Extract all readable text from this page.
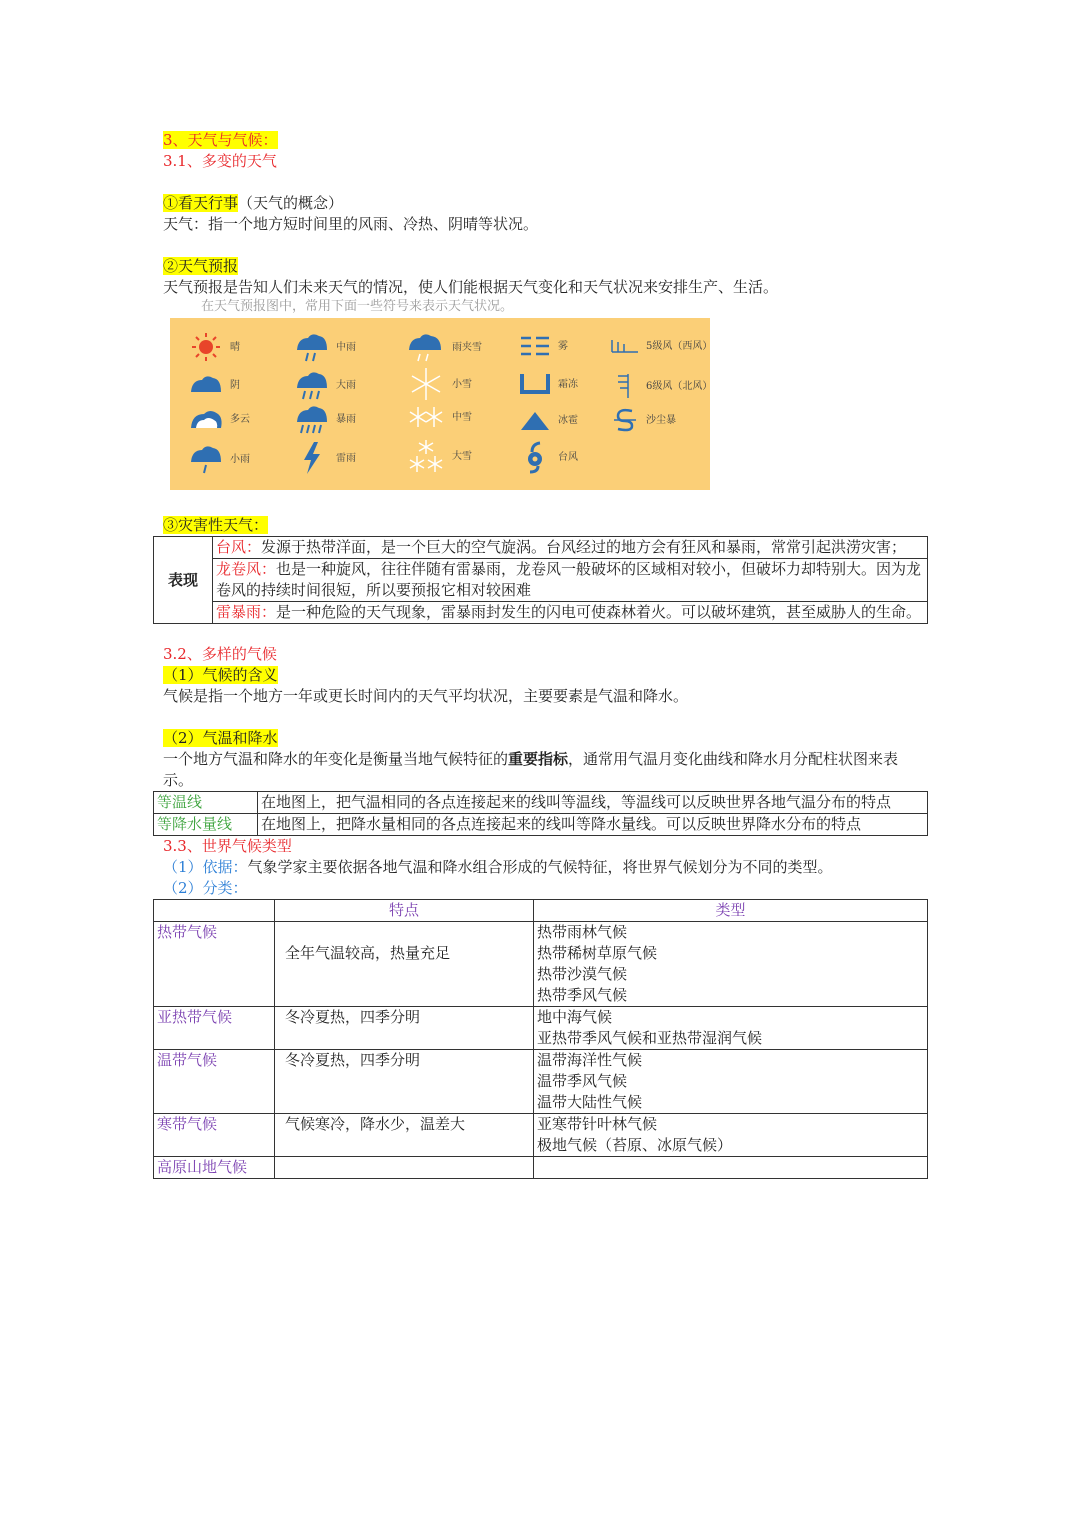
3、天气与气候：
3.1、多变的天气
①看天行事（天气的概念）
天气：指一个地方短时间里的风雨、冷热、阴晴等状况。
②天气预报
天气预报是告知人们未来天气的情况，使人们能根据天气变化和天气状况来安排生产、生活。
在天气预报图中，常用下面一些符号来表示天气状况。
晴
阴
多云
小雨
中雨
大雨
暴雨
雷雨
雨夹雪
小雪
中雪
大雪
雾
霜冻
冰雹
台风
5级风（西风）
6级风（北风）
沙尘暴
③灾害性天气：
表现	台风：发源于热带洋面，是一个巨大的空气旋涡。台风经过的地方会有狂风和暴雨，常常引起洪涝灾害；
龙卷风：也是一种旋风，往往伴随有雷暴雨，龙卷风一般破坏的区域相对较小，但破坏力却特别大。因为龙卷风的持续时间很短，所以要预报它相对较困难
雷暴雨：是一种危险的天气现象，雷暴雨封发生的闪电可使森林着火。可以破坏建筑，甚至威胁人的生命。
3.2、多样的气候
（1）气候的含义
气候是指一个地方一年或更长时间内的天气平均状况，主要要素是气温和降水。
（2）气温和降水
一个地方气温和降水的年变化是衡量当地气候特征的重要指标，通常用气温月变化曲线和降水月分配柱状图来表示。
等温线	在地图上，把气温相同的各点连接起来的线叫等温线，等温线可以反映世界各地气温分布的特点
等降水量线	在地图上，把降水量相同的各点连接起来的线叫等降水量线。可以反映世界降水分布的特点
3.3、世界气候类型
（1）依据：气象学家主要依据各地气温和降水组合形成的气候特征，将世界气候划分为不同的类型。
（2）分类：
	特点	类型
热带气候	全年气温较高，热量充足	热带雨林气候
热带稀树草原气候
热带沙漠气候
热带季风气候

亚热带气候	冬冷夏热，四季分明	地中海气候
亚热带季风气候和亚热带湿润气候

温带气候	冬冷夏热，四季分明	温带海洋性气候
温带季风气候
温带大陆性气候

寒带气候	气候寒冷，降水少，温差大	亚寒带针叶林气候
极地气候（苔原、冰原气候）

高原山地气候		
